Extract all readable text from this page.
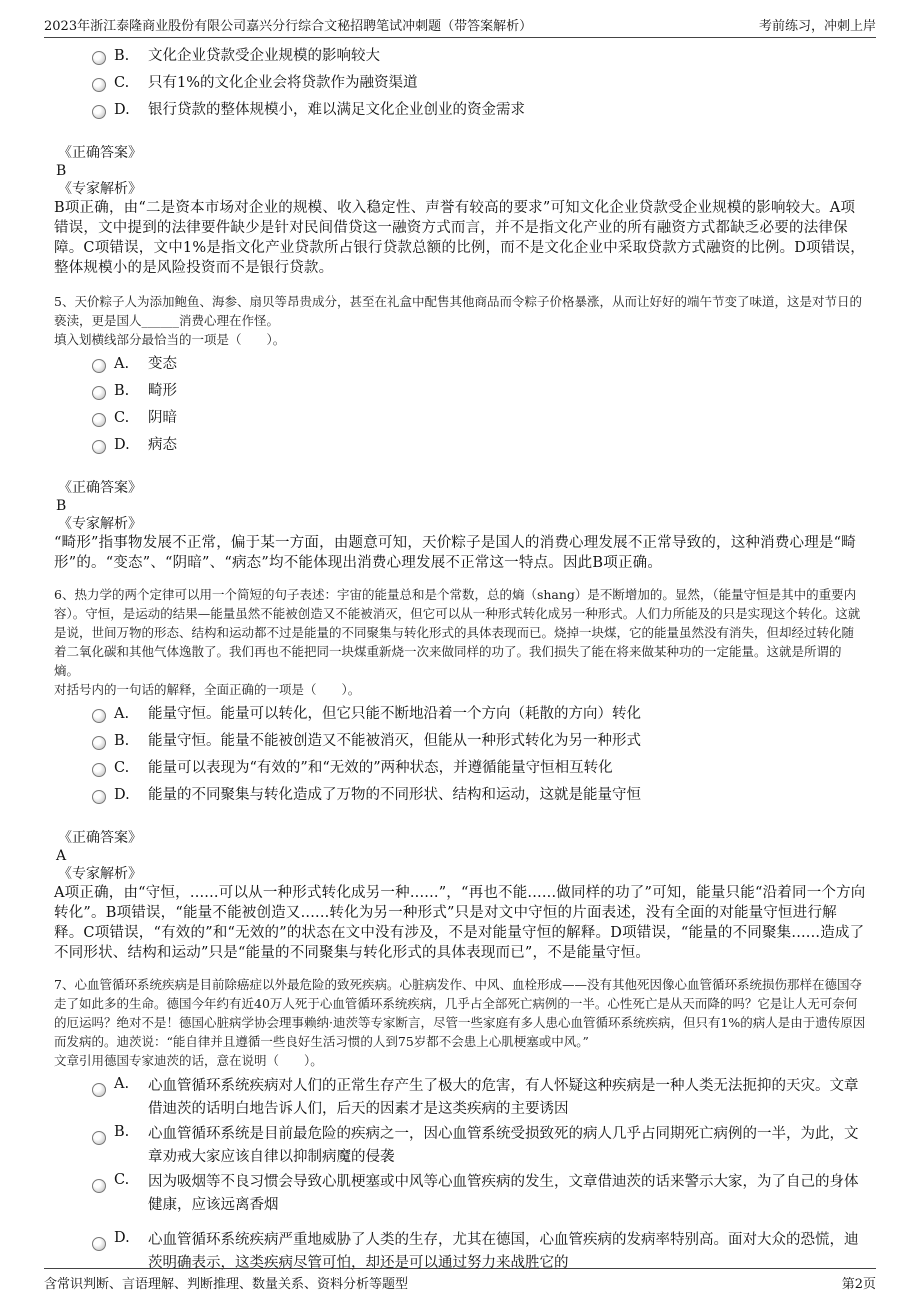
2023年浙江泰隆商业股份有限公司嘉兴分行综合文秘招聘笔试冲刺题（带答案解析）	考前练习，冲刺上岸
B. 文化企业贷款受企业规模的影响较大
C. 只有1%的文化企业会将贷款作为融资渠道
D. 银行贷款的整体规模小，难以满足文化企业创业的资金需求
《正确答案》
B
《专家解析》
B项正确，由“二是资本市场对企业的规模、收入稳定性、声誉有较高的要求”可知文化企业贷款受企业规模的影响较大。A项错误，文中提到的法律要件缺少是针对民间借贷这一融资方式而言，并不是指文化产业的所有融资方式都缺乏必要的法律保障。C项错误，文中1%是指文化产业贷款所占银行贷款总额的比例，而不是文化企业中采取贷款方式融资的比例。D项错误，整体规模小的是风险投资而不是银行贷款。
5、天价粽子人为添加鲍鱼、海参、扇贝等昂贵成分，甚至在礼盒中配售其他商品而令粽子价格暴涨，从而让好好的端午节变了味道，这是对节日的亵渎，更是国人______消费心理在作怪。
填入划横线部分最恰当的一项是（　　）。
A. 变态
B. 畸形
C. 阴暗
D. 病态
《正确答案》
B
《专家解析》
“畸形”指事物发展不正常，偏于某一方面，由题意可知，天价粽子是国人的消费心理发展不正常导致的，这种消费心理是“畸形”的。“变态”、“阴暗”、“病态”均不能体现出消费心理发展不正常这一特点。因此B项正确。
6、热力学的两个定律可以用一个简短的句子表述：宇宙的能量总和是个常数，总的熵（shang）是不断增加的。显然，（能量守恒是其中的重要内容）。守恒，是运动的结果—能量虽然不能被创造又不能被消灭，但它可以从一种形式转化成另一种形式。人们力所能及的只是实现这个转化。这就是说，世间万物的形态、结构和运动都不过是能量的不同聚集与转化形式的具体表现而已。烧掉一块煤，它的能量虽然没有消失，但却经过转化随着二氧化碳和其他气体逸散了。我们再也不能把同一块煤重新烧一次来做同样的功了。我们损失了能在将来做某种功的一定能量。这就是所谓的熵。
对括号内的一句话的解释，全面正确的一项是（　　）。
A. 能量守恒。能量可以转化，但它只能不断地沿着一个方向（耗散的方向）转化
B. 能量守恒。能量不能被创造又不能被消灭，但能从一种形式转化为另一种形式
C. 能量可以表现为“有效的”和“无效的”两种状态，并遵循能量守恒相互转化
D. 能量的不同聚集与转化造成了万物的不同形状、结构和运动，这就是能量守恒
《正确答案》
A
《专家解析》
A项正确，由“守恒，......可以从一种形式转化成另一种......”，“再也不能......做同样的功了”可知，能量只能“沿着同一个方向转化”。B项错误，“能量不能被创造又......转化为另一种形式”只是对文中守恒的片面表述，没有全面的对能量守恒进行解释。C项错误，“有效的”和“无效的”的状态在文中没有涉及，不是对能量守恒的解释。D项错误，“能量的不同聚集......造成了不同形状、结构和运动”只是“能量的不同聚集与转化形式的具体表现而已”，不是能量守恒。
7、心血管循环系统疾病是目前除癌症以外最危险的致死疾病。心脏病发作、中风、血栓形成——没有其他死因像心血管循环系统损伤那样在德国夺走了如此多的生命。德国今年约有近40万人死于心血管循环系统疾病，几乎占全部死亡病例的一半。心性死亡是从天而降的吗？它是让人无可奈何的厄运吗？绝对不是！德国心脏病学协会理事赖纳·迪茨等专家断言，尽管一些家庭有多人患心血管循环系统疾病，但只有1%的病人是由于遗传原因而发病的。迪茨说：“能自律并且遵循一些良好生活习惯的人到75岁都不会患上心肌梗塞或中风。”
文章引用德国专家迪茨的话，意在说明（　　）。
A. 心血管循环系统疾病对人们的正常生存产生了极大的危害，有人怀疑这种疾病是一种人类无法扼抑的天灾。文章借迪茨的话明白地告诉人们，后天的因素才是这类疾病的主要诱因
B. 心血管循环系统是目前最危险的疾病之一，因心血管系统受损致死的病人几乎占同期死亡病例的一半，为此，文章劝戒大家应该自律以抑制病魔的侵袭
C. 因为吸烟等不良习惯会导致心肌梗塞或中风等心血管疾病的发生，文章借迪茨的话来警示大家，为了自己的身体健康，应该远离香烟
D. 心血管循环系统疾病严重地威胁了人类的生存，尤其在德国，心血管疾病的发病率特别高。面对大众的恐慌，迪茨明确表示，这类疾病尽管可怕，却还是可以通过努力来战胜它的
含常识判断、言语理解、判断推理、数量关系、资料分析等题型	第2页
